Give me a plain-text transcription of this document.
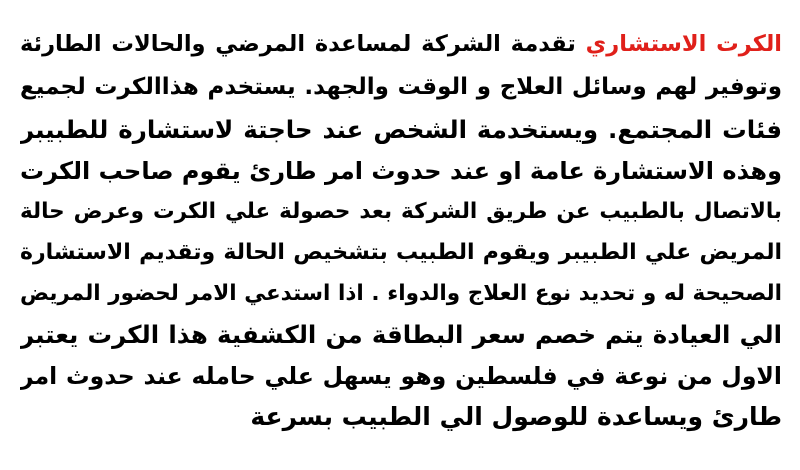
الكرت الاستشاري تقدمة الشركة لمساعدة المرضي والحالات الطارئة
وتوفير لهم وسائل العلاج و الوقت والجهد. يستخدم هذاالكرت لجميع
فئات المجتمع. ويستخدمة الشخص عند حاجتة لاستشارة للطبيبر
وهذه الاستشارة عامة او عند حدوث امر طارئ يقوم صاحب الكرت
بالاتصال بالطبيب عن طريق الشركة بعد حصولة علي الكرت وعرض حالة
المريض علي الطبيبر ويقوم الطبيب بتشخيص الحالة وتقديم الاستشارة
الصحيحة له و تحديد نوع العلاج والدواء . اذا استدعي الامر لحضور المريض
الي العيادة يتم خصم سعر البطاقة من الكشفية هذا الكرت يعتبر
الاول من نوعة في فلسطين وهو يسهل علي حامله عند حدوث امر
طارئ ويساعدة للوصول الي الطبيب بسرعة
